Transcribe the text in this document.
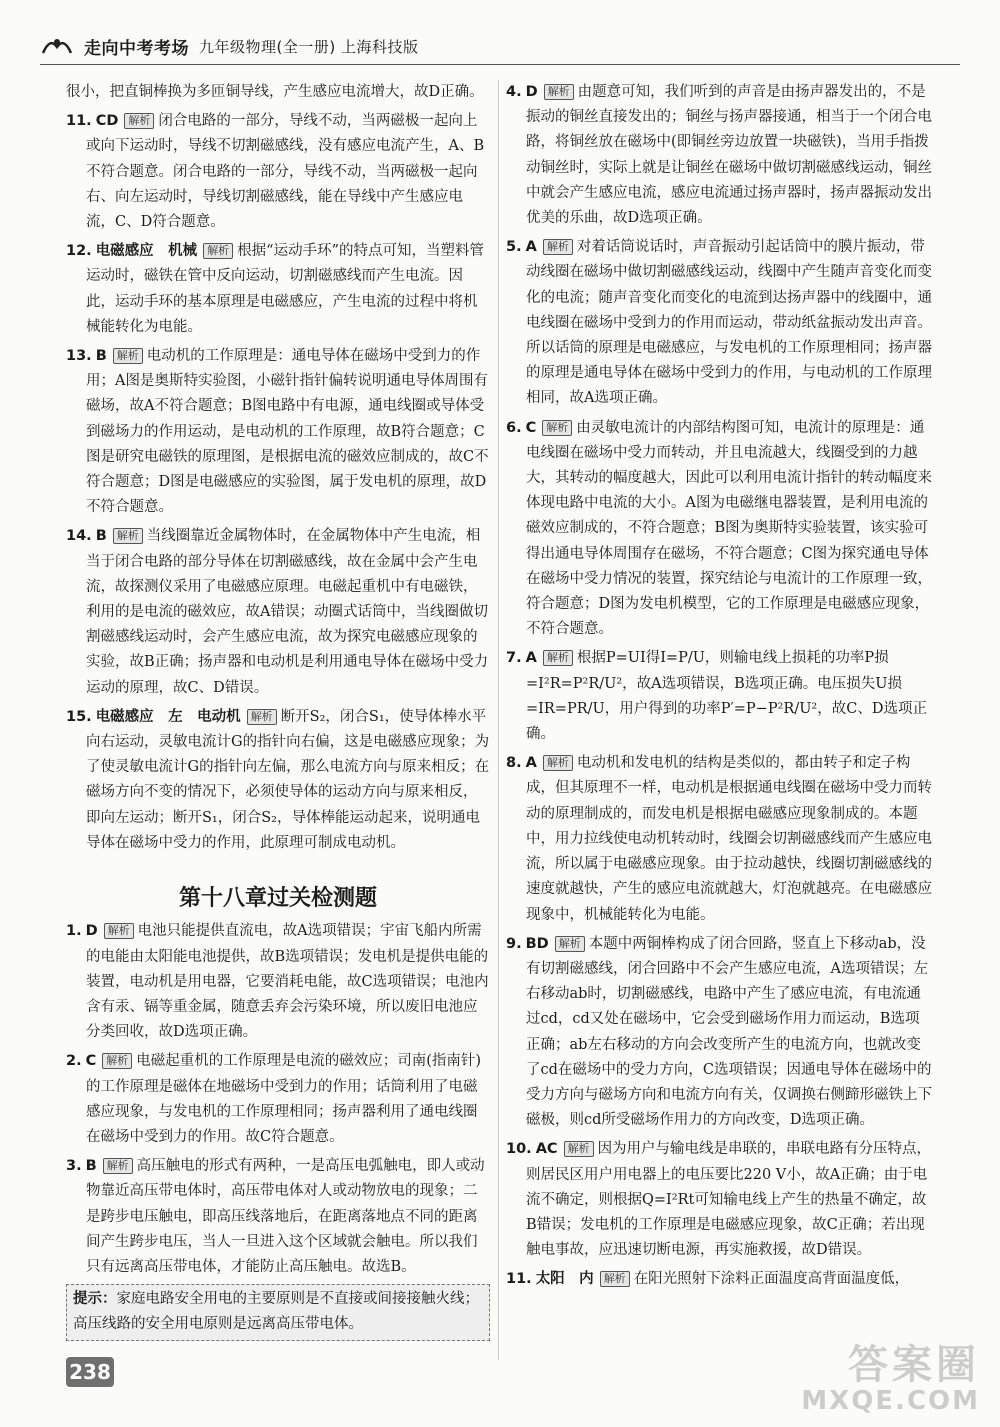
走向中考考场 九年级物理(全一册) 上海科技版

很小，把直铜棒换为多匝铜导线，产生感应电流增大，故D正确。

11. CD 解析 闭合电路的一部分，导线不动，当两磁极一起向上或向下运动时，导线不切割磁感线，没有感应电流产生，A、B不符合题意。闭合电路的一部分，导线不动，当两磁极一起向右、向左运动时，导线切割磁感线，能在导线中产生感应电流，C、D符合题意。

12. 电磁感应　机械 解析 根据“运动手环”的特点可知，当塑料管运动时，磁铁在管中反向运动，切割磁感线而产生电流。因此，运动手环的基本原理是电磁感应，产生电流的过程中将机械能转化为电能。

13. B 解析 电动机的工作原理是：通电导体在磁场中受到力的作用；A图是奥斯特实验图，小磁针指针偏转说明通电导体周围有磁场，故A不符合题意；B图电路中有电源，通电线圈或导体受到磁场力的作用运动，是电动机的工作原理，故B符合题意；C图是研究电磁铁的原理图，是根据电流的磁效应制成的，故C不符合题意；D图是电磁感应的实验图，属于发电机的原理，故D不符合题意。

14. B 解析 当线圈靠近金属物体时，在金属物体中产生电流，相当于闭合电路的部分导体在切割磁感线，故在金属中会产生电流，故探测仪采用了电磁感应原理。电磁起重机中有电磁铁，利用的是电流的磁效应，故A错误；动圈式话筒中，当线圈做切割磁感线运动时，会产生感应电流，故为探究电磁感应现象的实验，故B正确；扬声器和电动机是利用通电导体在磁场中受力运动的原理，故C、D错误。

15. 电磁感应　左　电动机 解析 断开S₂，闭合S₁，使导体棒水平向右运动，灵敏电流计G的指针向右偏，这是电磁感应现象；为了使灵敏电流计G的指针向左偏，那么电流方向与原来相反；在磁场方向不变的情况下，必须使导体的运动方向与原来相反，即向左运动；断开S₁，闭合S₂，导体棒能运动起来，说明通电导体在磁场中受力的作用，此原理可制成电动机。

第十八章过关检测题

1. D 解析 电池只能提供直流电，故A选项错误；宇宙飞船内所需的电能由太阳能电池提供，故B选项错误；发电机是提供电能的装置，电动机是用电器，它要消耗电能，故C选项错误；电池内含有汞、镉等重金属，随意丢弃会污染环境，所以废旧电池应分类回收，故D选项正确。

2. C 解析 电磁起重机的工作原理是电流的磁效应；司南(指南针)的工作原理是磁体在地磁场中受到力的作用；话筒利用了电磁感应现象，与发电机的工作原理相同；扬声器利用了通电线圈在磁场中受到力的作用。故C符合题意。

3. B 解析 高压触电的形式有两种，一是高压电弧触电，即人或动物靠近高压带电体时，高压带电体对人或动物放电的现象；二是跨步电压触电，即高压线落地后，在距离落地点不同的距离间产生跨步电压，当人一旦进入这个区域就会触电。所以我们只有远离高压带电体，才能防止高压触电。故选B。

提示：家庭电路安全用电的主要原则是不直接或间接接触火线；高压线路的安全用电原则是远离高压带电体。

4. D 解析 由题意可知，我们听到的声音是由扬声器发出的，不是振动的铜丝直接发出的；铜丝与扬声器接通，相当于一个闭合电路，将铜丝放在磁场中(即铜丝旁边放置一块磁铁)，当用手指拨动铜丝时，实际上就是让铜丝在磁场中做切割磁感线运动，铜丝中就会产生感应电流，感应电流通过扬声器时，扬声器振动发出优美的乐曲，故D选项正确。

5. A 解析 对着话筒说话时，声音振动引起话筒中的膜片振动，带动线圈在磁场中做切割磁感线运动，线圈中产生随声音变化而变化的电流；随声音变化而变化的电流到达扬声器中的线圈中，通电线圈在磁场中受到力的作用而运动，带动纸盆振动发出声音。所以话筒的原理是电磁感应，与发电机的工作原理相同；扬声器的原理是通电导体在磁场中受到力的作用，与电动机的工作原理相同，故A选项正确。

6. C 解析 由灵敏电流计的内部结构图可知，电流计的原理是：通电线圈在磁场中受力而转动，并且电流越大，线圈受到的力越大，其转动的幅度越大，因此可以利用电流计指针的转动幅度来体现电路中电流的大小。A图为电磁继电器装置，是利用电流的磁效应制成的，不符合题意；B图为奥斯特实验装置，该实验可得出通电导体周围存在磁场，不符合题意；C图为探究通电导体在磁场中受力情况的装置，探究结论与电流计的工作原理一致，符合题意；D图为发电机模型，它的工作原理是电磁感应现象，不符合题意。

7. A 解析 根据P=UI得I=P/U，则输电线上损耗的功率P损=I²R=P²R/U²，故A选项错误，B选项正确。电压损失U损=IR=PR/U，用户得到的功率P′=P−P²R/U²，故C、D选项正确。

8. A 解析 电动机和发电机的结构是类似的，都由转子和定子构成，但其原理不一样，电动机是根据通电线圈在磁场中受力而转动的原理制成的，而发电机是根据电磁感应现象制成的。本题中，用力拉线使电动机转动时，线圈会切割磁感线而产生感应电流，所以属于电磁感应现象。由于拉动越快，线圈切割磁感线的速度就越快，产生的感应电流就越大，灯泡就越亮。在电磁感应现象中，机械能转化为电能。

9. BD 解析 本题中两铜棒构成了闭合回路，竖直上下移动ab，没有切割磁感线，闭合回路中不会产生感应电流，A选项错误；左右移动ab时，切割磁感线，电路中产生了感应电流，有电流通过cd，cd又处在磁场中，它会受到磁场作用力而运动，B选项正确；ab左右移动的方向会改变所产生的电流方向，也就改变了cd在磁场中的受力方向，C选项错误；因通电导体在磁场中的受力方向与磁场方向和电流方向有关，仅调换右侧蹄形磁铁上下磁极，则cd所受磁场作用力的方向改变，D选项正确。

10. AC 解析 因为用户与输电线是串联的，串联电路有分压特点，则居民区用户用电器上的电压要比220 V小，故A正确；由于电流不确定，则根据Q=I²Rt可知输电线上产生的热量不确定，故B错误；发电机的工作原理是电磁感应现象，故C正确；若出现触电事故，应迅速切断电源，再实施救援，故D错误。

11. 太阳　内 解析 在阳光照射下涂料正面温度高背面温度低，

238	答案圈
MXQE.COM
